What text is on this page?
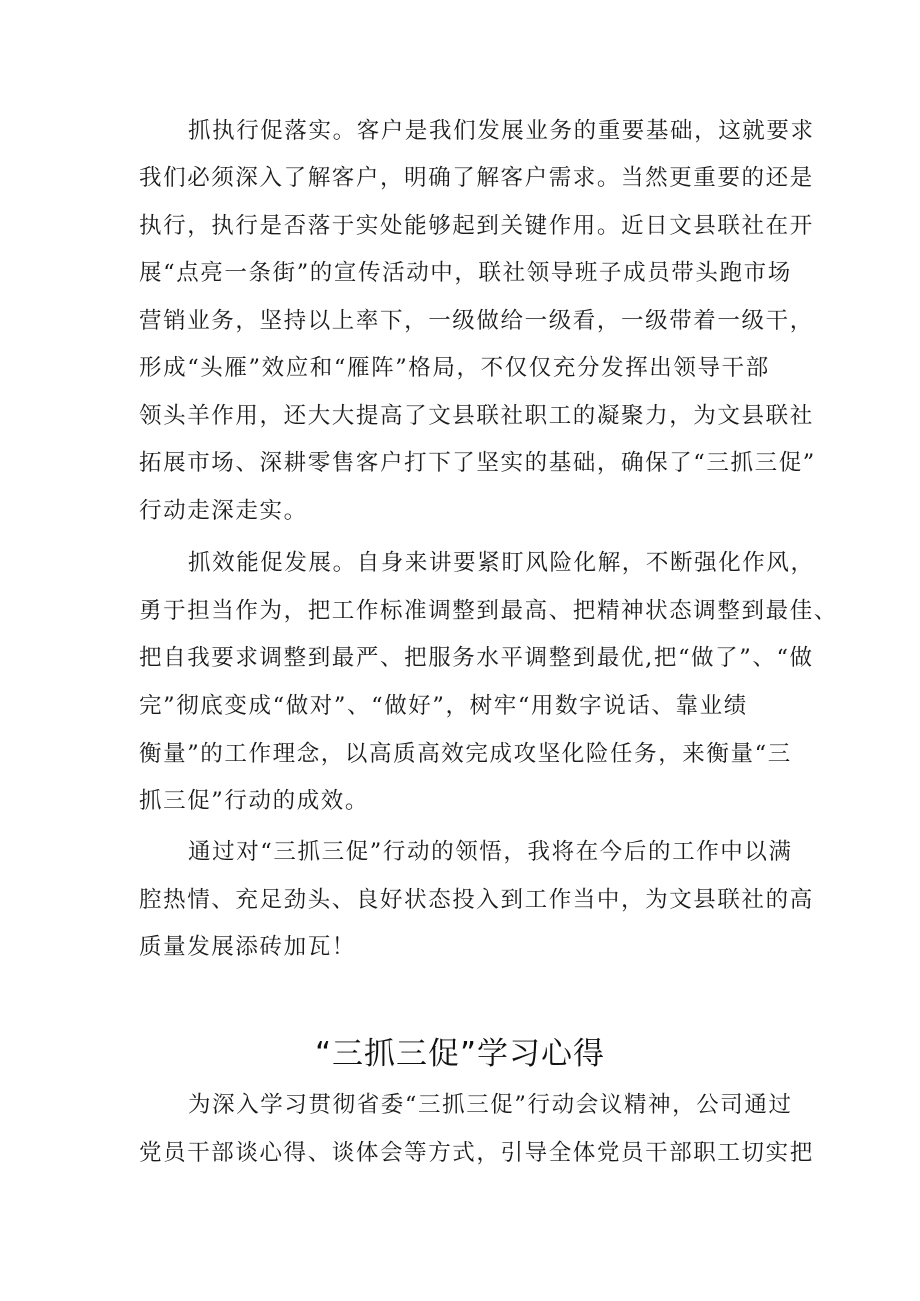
抓执行促落实。客户是我们发展业务的重要基础，这就要求
我们必须深入了解客户，明确了解客户需求。当然更重要的还是
执行，执行是否落于实处能够起到关键作用。近日文县联社在开
展“点亮一条街”的宣传活动中，联社领导班子成员带头跑市场
营销业务，坚持以上率下，一级做给一级看，一级带着一级干，
形成“头雁”效应和“雁阵”格局，不仅仅充分发挥出领导干部
领头羊作用，还大大提高了文县联社职工的凝聚力，为文县联社
拓展市场、深耕零售客户打下了坚实的基础，确保了“三抓三促”
行动走深走实。
抓效能促发展。自身来讲要紧盯风险化解，不断强化作风，
勇于担当作为，把工作标准调整到最高、把精神状态调整到最佳、
把自我要求调整到最严、把服务水平调整到最优,把“做了”、“做
完”彻底变成“做对”、“做好”，树牢“用数字说话、靠业绩
衡量”的工作理念，以高质高效完成攻坚化险任务，来衡量“三
抓三促”行动的成效。
通过对“三抓三促”行动的领悟，我将在今后的工作中以满
腔热情、充足劲头、良好状态投入到工作当中，为文县联社的高
质量发展添砖加瓦！
“三抓三促”学习心得
为深入学习贯彻省委“三抓三促”行动会议精神，公司通过
党员干部谈心得、谈体会等方式，引导全体党员干部职工切实把
